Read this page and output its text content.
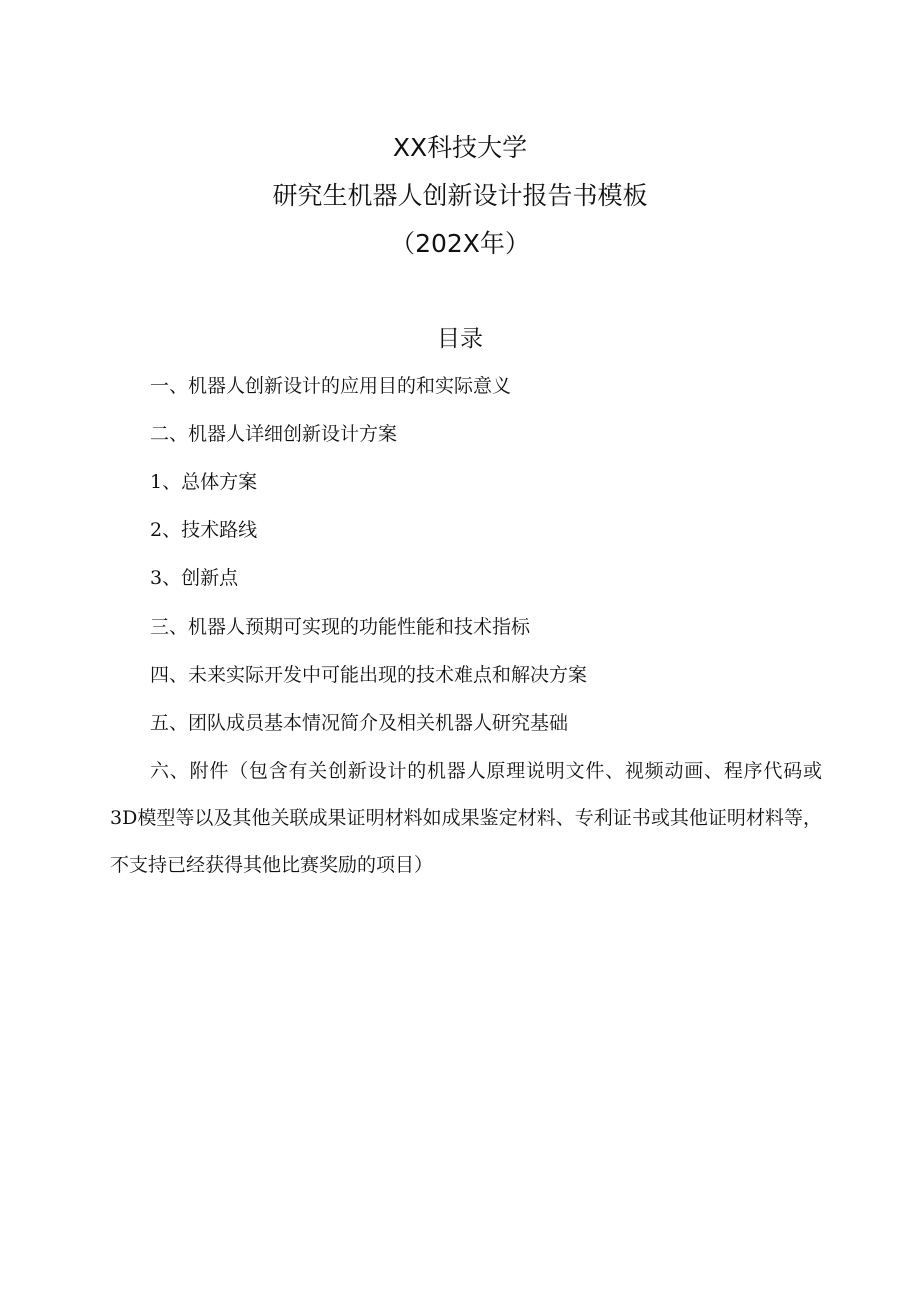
XX科技大学
研究生机器人创新设计报告书模板
（202X年）
目录
一、机器人创新设计的应用目的和实际意义
二、机器人详细创新设计方案
1、总体方案
2、技术路线
3、创新点
三、机器人预期可实现的功能性能和技术指标
四、未来实际开发中可能出现的技术难点和解决方案
五、团队成员基本情况简介及相关机器人研究基础
六、附件（包含有关创新设计的机器人原理说明文件、视频动画、程序代码或3D模型等以及其他关联成果证明材料如成果鉴定材料、专利证书或其他证明材料等，不支持已经获得其他比赛奖励的项目）
